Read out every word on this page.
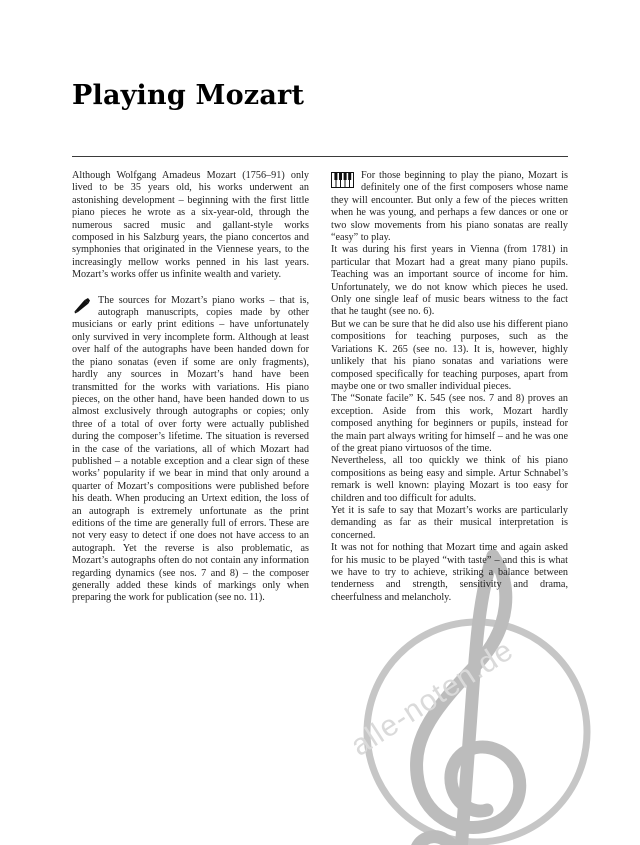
alle-noten.de
Playing Mozart

Although Wolfgang Amadeus Mozart (1756–91) only lived to be 35 years old, his works underwent an astonishing development – beginning with the first little piano pieces he wrote as a six-year-old, through the numerous sacred music and gallant-style works composed in his Salzburg years, the piano concertos and symphonies that originated in the Viennese years, to the increasingly mellow works penned in his last years. Mozart’s works offer us infinite wealth and variety.

The sources for Mozart’s piano works – that is, autograph manuscripts, copies made by other musicians or early print editions – have unfortunately only survived in very incomplete form. Although at least over half of the autographs have been handed down for the piano sonatas (even if some are only fragments), hardly any sources in Mozart’s hand have been transmitted for the works with variations. His piano pieces, on the other hand, have been handed down to us almost exclusively through autographs or copies; only three of a total of over forty were actually published during the composer’s lifetime. The situation is reversed in the case of the variations, all of which Mozart had published – a notable exception and a clear sign of these works’ popularity if we bear in mind that only around a quarter of Mozart’s compositions were published before his death. When producing an Urtext edition, the loss of an autograph is extremely unfortunate as the print editions of the time are generally full of errors. These are not very easy to detect if one does not have access to an autograph. Yet the reverse is also problematic, as Mozart’s autographs often do not contain any information regarding dynamics (see nos. 7 and 8) – the composer generally added these kinds of markings only when preparing the work for publication (see no. 11).

For those beginning to play the piano, Mozart is definitely one of the first composers whose name they will encounter. But only a few of the pieces written when he was young, and perhaps a few dances or one or two slow movements from his piano sonatas are really “easy” to play.

It was during his first years in Vienna (from 1781) in particular that Mozart had a great many piano pupils. Teaching was an important source of income for him. Unfortunately, we do not know which pieces he used. Only one single leaf of music bears witness to the fact that he taught (see no. 6).

But we can be sure that he did also use his different piano compositions for teaching purposes, such as the Variations K. 265 (see no. 13). It is, however, highly unlikely that his piano sonatas and variations were composed specifically for teaching purposes, apart from maybe one or two smaller individual pieces.

The “Sonate facile” K. 545 (see nos. 7 and 8) proves an exception. Aside from this work, Mozart hardly composed anything for beginners or pupils, instead for the main part always writing for himself – and he was one of the great piano virtuosos of the time.

Nevertheless, all too quickly we think of his piano compositions as being easy and simple. Artur Schnabel’s remark is well known: playing Mozart is too easy for children and too difficult for adults.

Yet it is safe to say that Mozart’s works are particularly demanding as far as their musical interpretation is concerned.

It was not for nothing that Mozart time and again asked for his music to be played “with taste” – and this is what we have to try to achieve, striking a balance between tenderness and strength, sensitivity and drama, cheerfulness and melancholy.
